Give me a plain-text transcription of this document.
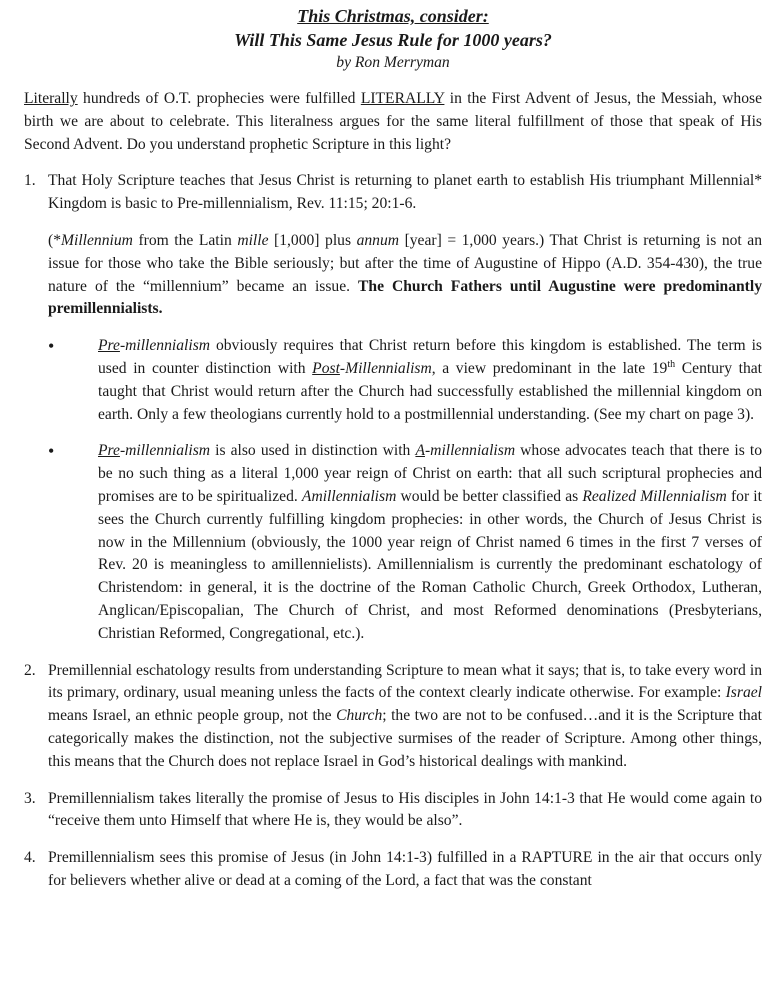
This Christmas, consider:
Will This Same Jesus Rule for 1000 years?

by Ron Merryman

Literally hundreds of O.T. prophecies were fulfilled LITERALLY in the First Advent of Jesus, the Messiah, whose birth we are about to celebrate. This literalness argues for the same literal fulfillment of those that speak of His Second Advent. Do you understand prophetic Scripture in this light?

1. That Holy Scripture teaches that Jesus Christ is returning to planet earth to establish His triumphant Millennial* Kingdom is basic to Pre-millennialism, Rev. 11:15; 20:1-6.

(*Millennium from the Latin mille [1,000] plus annum [year] = 1,000 years.) That Christ is returning is not an issue for those who take the Bible seriously; but after the time of Augustine of Hippo (A.D. 354-430), the true nature of the “millennium” became an issue. The Church Fathers until Augustine were predominantly premillennialists.

•	Pre-millennialism obviously requires that Christ return before this kingdom is established. The term is used in counter distinction with Post-Millennialism, a view predominant in the late 19th Century that taught that Christ would return after the Church had successfully established the millennial kingdom on earth. Only a few theologians currently hold to a postmillennial understanding. (See my chart on page 3).
•	Pre-millennialism is also used in distinction with A-millennialism whose advocates teach that there is to be no such thing as a literal 1,000 year reign of Christ on earth: that all such scriptural prophecies and promises are to be spiritualized. Amillennialism would be better classified as Realized Millennialism for it sees the Church currently fulfilling kingdom prophecies: in other words, the Church of Jesus Christ is now in the Millennium (obviously, the 1000 year reign of Christ named 6 times in the first 7 verses of Rev. 20 is meaningless to amillennielists). Amillennialism is currently the predominant eschatology of Christendom: in general, it is the doctrine of the Roman Catholic Church, Greek Orthodox, Lutheran, Anglican/Episcopalian, The Church of Christ, and most Reformed denominations (Presbyterians, Christian Reformed, Congregational, etc.).
2. Premillennial eschatology results from understanding Scripture to mean what it says; that is, to take every word in its primary, ordinary, usual meaning unless the facts of the context clearly indicate otherwise. For example: Israel means Israel, an ethnic people group, not the Church; the two are not to be confused…and it is the Scripture that categorically makes the distinction, not the subjective surmises of the reader of Scripture. Among other things, this means that the Church does not replace Israel in God’s historical dealings with mankind.
3. Premillennialism takes literally the promise of Jesus to His disciples in John 14:1-3 that He would come again to “receive them unto Himself that where He is, they would be also”.
4. Premillennialism sees this promise of Jesus (in John 14:1-3) fulfilled in a RAPTURE in the air that occurs only for believers whether alive or dead at a coming of the Lord, a fact that was the constant
